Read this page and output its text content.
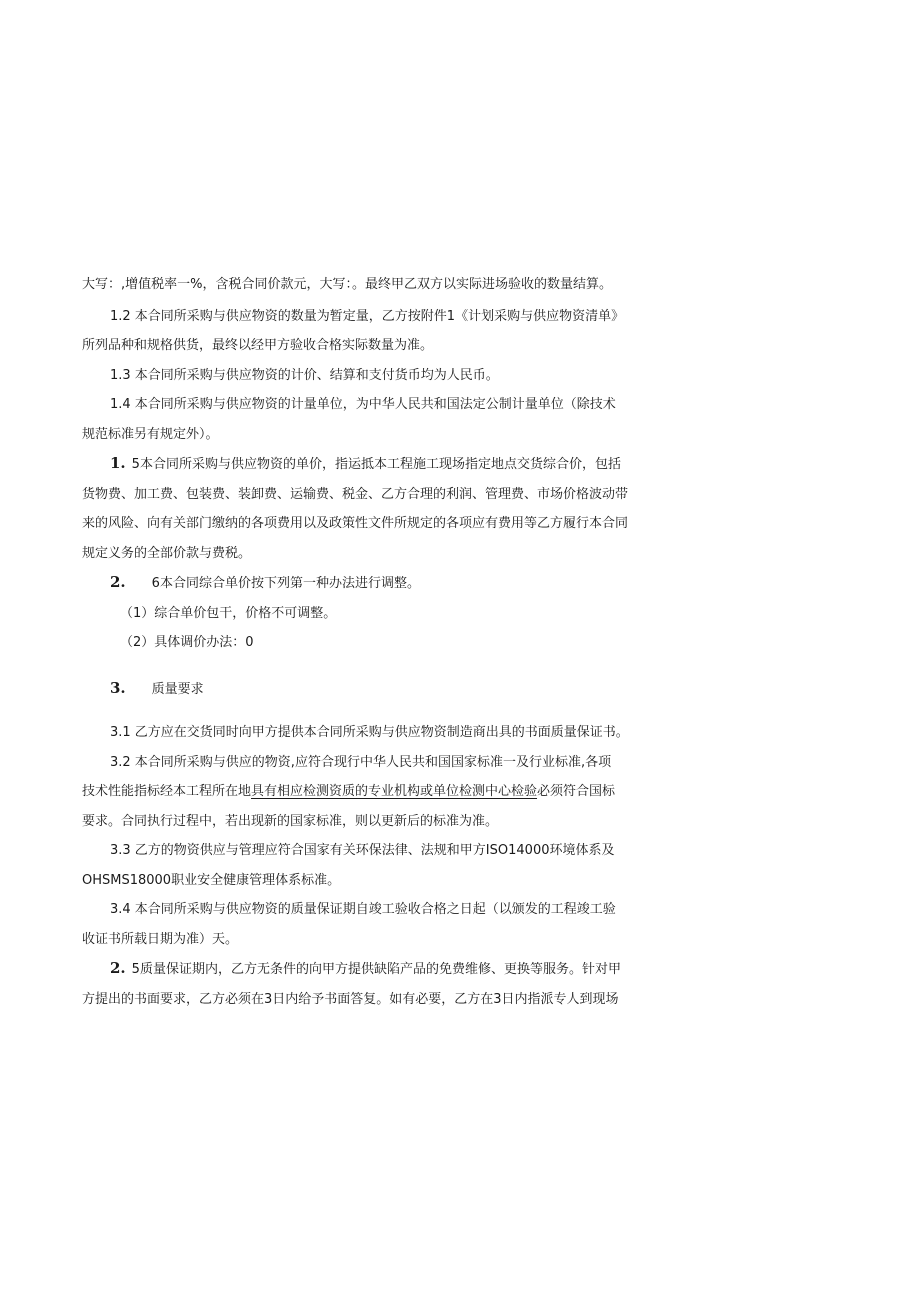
大写：,增值税率一%，含税合同价款元，大写：。最终甲乙双方以实际进场验收的数量结算。

1.2 本合同所采购与供应物资的数量为暂定量，乙方按附件1《计划采购与供应物资清单》

所列品种和规格供货，最终以经甲方验收合格实际数量为准。

1.3 本合同所采购与供应物资的计价、结算和支付货币均为人民币。

1.4 本合同所采购与供应物资的计量单位，为中华人民共和国法定公制计量单位（除技术

规范标准另有规定外）。

1. 5本合同所采购与供应物资的单价，指运抵本工程施工现场指定地点交货综合价，包括

货物费、加工费、包装费、装卸费、运输费、税金、乙方合理的利润、管理费、市场价格波动带

来的风险、向有关部门缴纳的各项费用以及政策性文件所规定的各项应有费用等乙方履行本合同

规定义务的全部价款与费税。

2. 6本合同综合单价按下列第一种办法进行调整。

（1）综合单价包干，价格不可调整。

（2）具体调价办法：0

3. 质量要求

3.1 乙方应在交货同时向甲方提供本合同所采购与供应物资制造商出具的书面质量保证书。

3.2 本合同所采购与供应的物资,应符合现行中华人民共和国国家标准一及行业标准,各项

技术性能指标经本工程所在地具有相应检测资质的专业机构或单位检测中心检验必须符合国标

要求。合同执行过程中，若出现新的国家标准，则以更新后的标准为准。

3.3 乙方的物资供应与管理应符合国家有关环保法律、法规和甲方ISO14000环境体系及

OHSMS18000职业安全健康管理体系标准。

3.4 本合同所采购与供应物资的质量保证期自竣工验收合格之日起（以颁发的工程竣工验

收证书所载日期为准）天。

2. 5质量保证期内，乙方无条件的向甲方提供缺陷产品的免费维修、更换等服务。针对甲

方提出的书面要求，乙方必须在3日内给予书面答复。如有必要，乙方在3日内指派专人到现场
